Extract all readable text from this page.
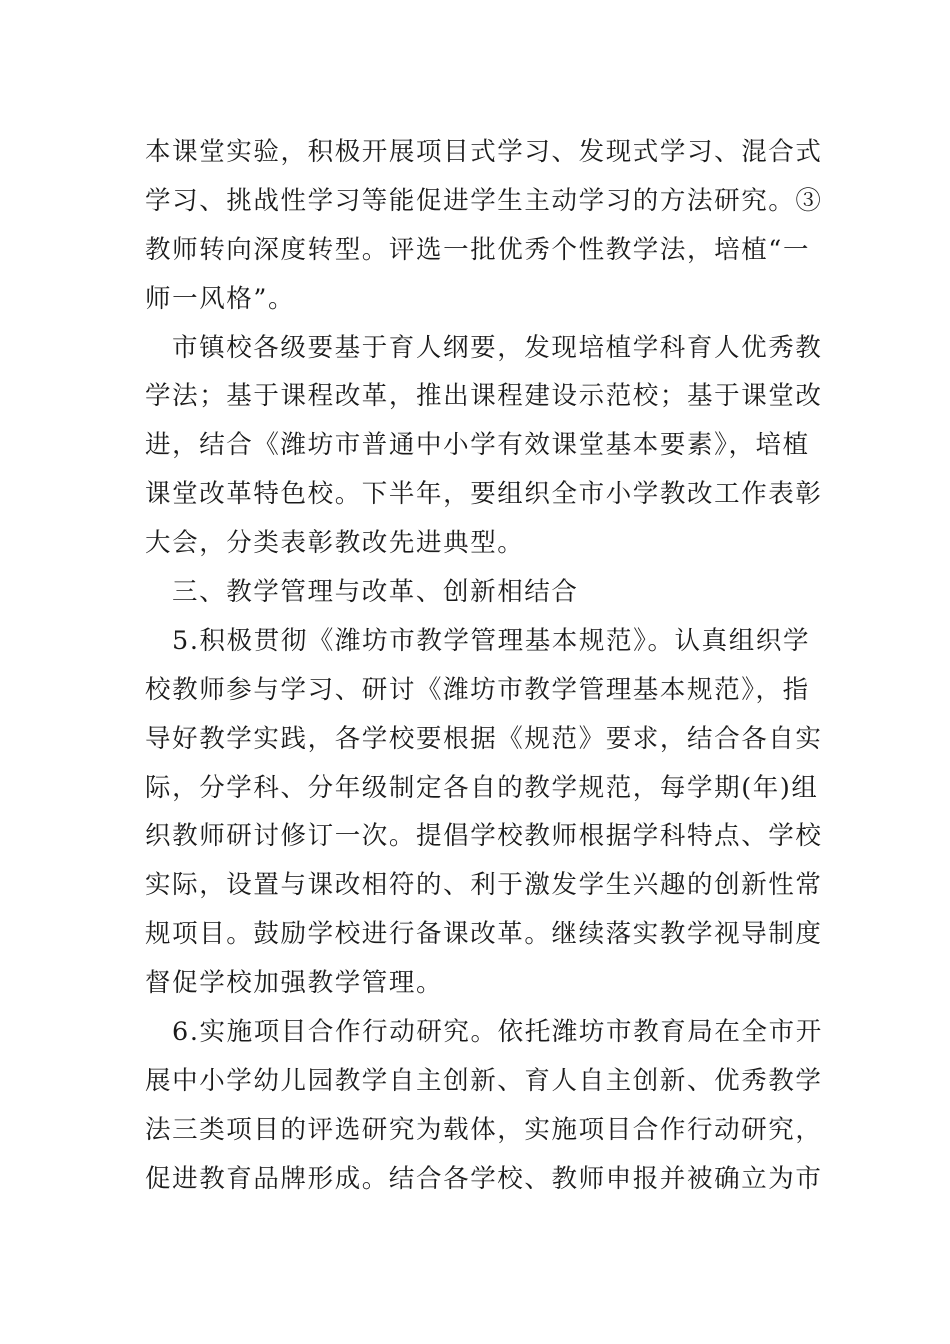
本课堂实验，积极开展项目式学习、发现式学习、混合式
学习、挑战性学习等能促进学生主动学习的方法研究。③
教师转向深度转型。评选一批优秀个性教学法，培植“一
师一风格”。
市镇校各级要基于育人纲要，发现培植学科育人优秀教
学法；基于课程改革，推出课程建设示范校；基于课堂改
进，结合《潍坊市普通中小学有效课堂基本要素》，培植
课堂改革特色校。下半年，要组织全市小学教改工作表彰
大会，分类表彰教改先进典型。
三、教学管理与改革、创新相结合
5.积极贯彻《潍坊市教学管理基本规范》。认真组织学
校教师参与学习、研讨《潍坊市教学管理基本规范》，指
导好教学实践，各学校要根据《规范》要求，结合各自实
际，分学科、分年级制定各自的教学规范，每学期(年)组
织教师研讨修订一次。提倡学校教师根据学科特点、学校
实际，设置与课改相符的、利于激发学生兴趣的创新性常
规项目。鼓励学校进行备课改革。继续落实教学视导制度
督促学校加强教学管理。
6.实施项目合作行动研究。依托潍坊市教育局在全市开
展中小学幼儿园教学自主创新、育人自主创新、优秀教学
法三类项目的评选研究为载体，实施项目合作行动研究，
促进教育品牌形成。结合各学校、教师申报并被确立为市
